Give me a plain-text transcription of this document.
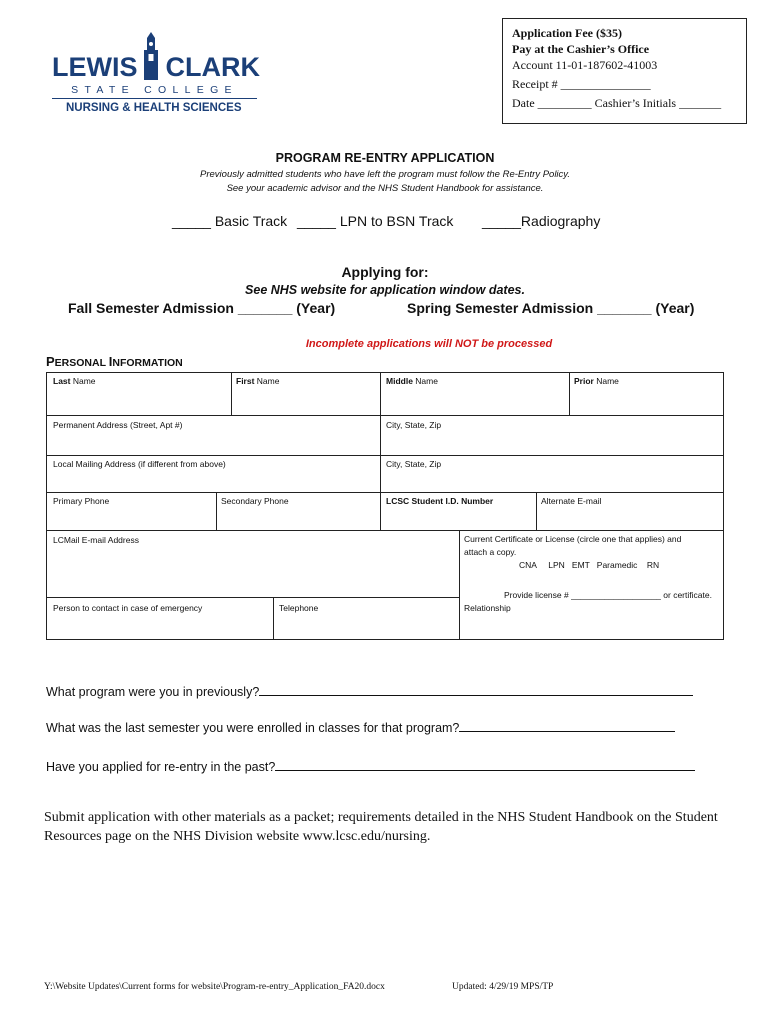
LEWIS CLARK
STATE COLLEGE
NURSING & HEALTH SCIENCES
Application Fee ($35)
Pay at the Cashier’s Office
Account 11-01-187602-41003
Receipt # _______________
Date _________ Cashier’s Initials _______
PROGRAM RE-ENTRY APPLICATION
Previously admitted students who have left the program must follow the Re-Entry Policy.
See your academic advisor and the NHS Student Handbook for assistance.
_____ Basic Track _____ LPN to BSN Track _____Radiography
Applying for:
See NHS website for application window dates.
Fall Semester Admission _______ (Year)	Spring Semester Admission _______ (Year)
Incomplete applications will NOT be processed
PERSONAL INFORMATION
Last Name	First Name	Middle Name	Prior Name
Permanent Address (Street, Apt #)	City, State, Zip
Local Mailing Address (if different from above)	City, State, Zip
Primary Phone	Secondary Phone	LCSC Student I.D. Number	Alternate E-mail
LCMail E-mail Address	Current Certificate or License (circle one that applies) and
attach a copy.
CNA     LPN   EMT   Paramedic    RN
Provide license # ___________________ or certificate.
Person to contact in case of emergency	Telephone	Relationship
What program were you in previously?
What was the last semester you were enrolled in classes for that program?
Have you applied for re-entry in the past?
Submit application with other materials as a packet; requirements detailed in the NHS Student Handbook on the Student Resources page on the NHS Division website www.lcsc.edu/nursing.
Y:\Website Updates\Current forms for website\Program-re-entry_Application_FA20.docx	Updated: 4/29/19 MPS/TP
